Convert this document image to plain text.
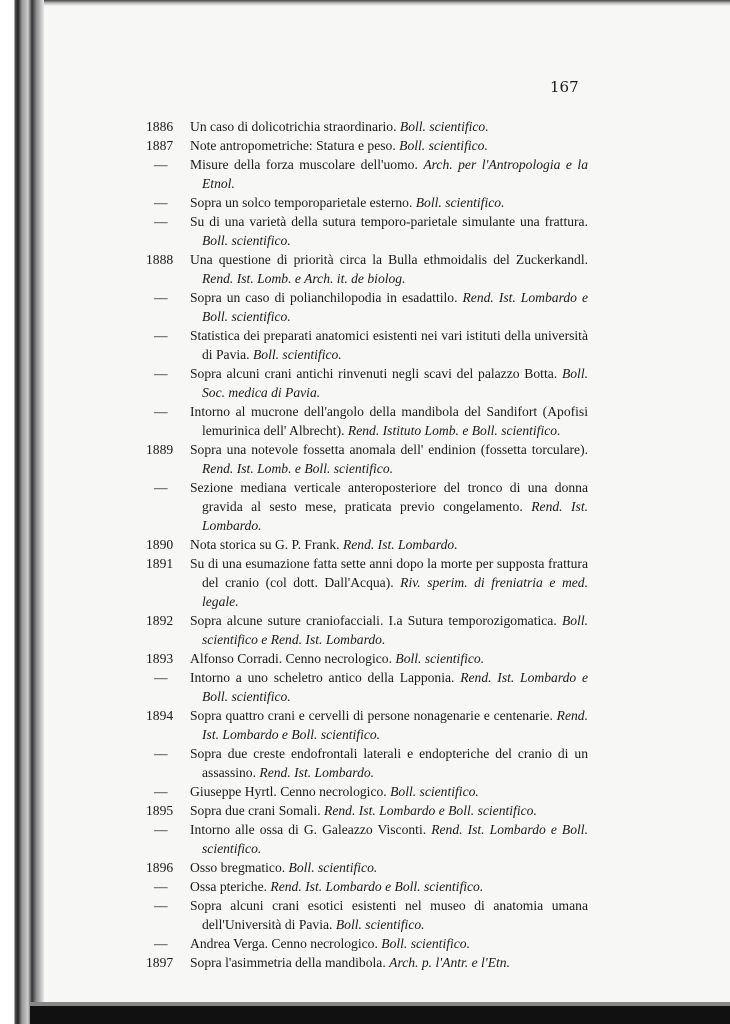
167
1886 Un caso di dolicotrichia straordinario. Boll. scientifico.
1887 Note antropometriche: Statura e peso. Boll. scientifico.
—	Misure della forza muscolare dell'uomo. Arch. per l'Antropologia e la Etnol.
—	Sopra un solco temporoparietale esterno. Boll. scientifico.
—	Su di una varietà della sutura temporo-parietale simulante una frattura. Boll. scientifico.
1888 Una questione di priorità circa la Bulla ethmoidalis del Zuckerkandl. Rend. Ist. Lomb. e Arch. it. de biolog.
—	Sopra un caso di polianchilopodia in esadattilo. Rend. Ist. Lombardo e Boll. scientifico.
—	Statistica dei preparati anatomici esistenti nei vari istituti della università di Pavia. Boll. scientifico.
—	Sopra alcuni crani antichi rinvenuti negli scavi del palazzo Botta. Boll. Soc. medica di Pavia.
—	Intorno al mucrone dell'angolo della mandibola del Sandifort (Apofisi lemurinica dell' Albrecht). Rend. Istituto Lomb. e Boll. scientifico.
1889 Sopra una notevole fossetta anomala dell' endinion (fossetta torculare). Rend. Ist. Lomb. e Boll. scientifico.
—	Sezione mediana verticale anteroposteriore del tronco di una donna gravida al sesto mese, praticata previo congelamento. Rend. Ist. Lombardo.
1890 Nota storica su G. P. Frank. Rend. Ist. Lombardo.
1891 Su di una esumazione fatta sette anni dopo la morte per supposta frattura del cranio (col dott. Dall'Acqua). Riv. sperim. di freniatria e med. legale.
1892 Sopra alcune suture craniofacciali. I.a Sutura temporozigomatica. Boll. scientifico e Rend. Ist. Lombardo.
1893 Alfonso Corradi. Cenno necrologico. Boll. scientifico.
—	Intorno a uno scheletro antico della Lapponia. Rend. Ist. Lombardo e Boll. scientifico.
1894 Sopra quattro crani e cervelli di persone nonagenarie e centenarie. Rend. Ist. Lombardo e Boll. scientifico.
—	Sopra due creste endofrontali laterali e endopteriche del cranio di un assassino. Rend. Ist. Lombardo.
—	Giuseppe Hyrtl. Cenno necrologico. Boll. scientifico.
1895 Sopra due crani Somali. Rend. Ist. Lombardo e Boll. scientifico.
—	Intorno alle ossa di G. Galeazzo Visconti. Rend. Ist. Lombardo e Boll. scientifico.
1896 Osso bregmatico. Boll. scientifico.
—	Ossa pteriche. Rend. Ist. Lombardo e Boll. scientifico.
—	Sopra alcuni crani esotici esistenti nel museo di anatomia umana dell'Università di Pavia. Boll. scientifico.
—	Andrea Verga. Cenno necrologico. Boll. scientifico.
1897 Sopra l'asimmetria della mandibola. Arch. p. l'Antr. e l'Etn.
